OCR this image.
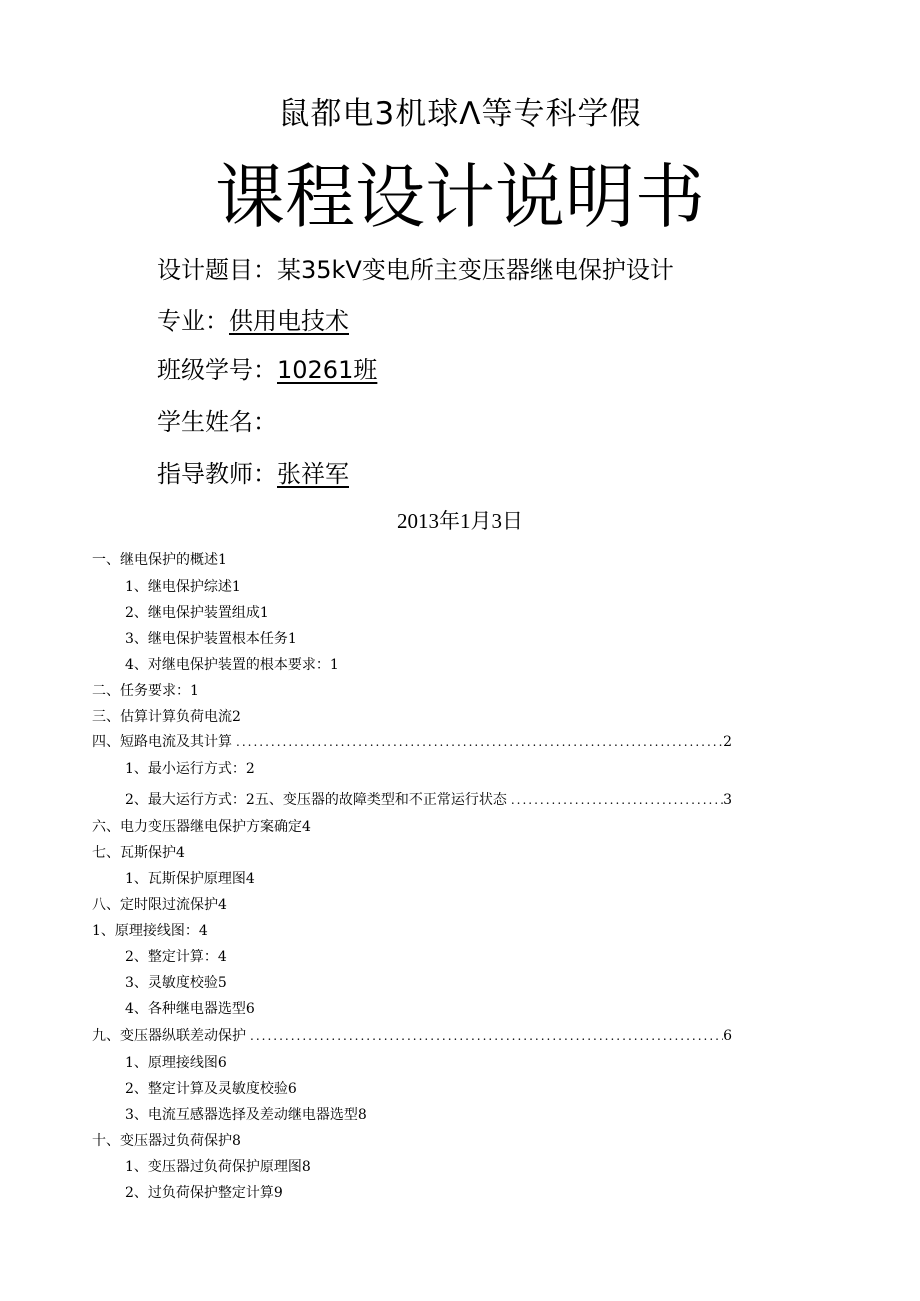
鼠都电3机球Λ等专科学假
课程设计说明书
设计题目：某35kV变电所主变压器继电保护设计
专业：供用电技术
班级学号：10261班
学生姓名：
指导教师：张祥军
2013年1月3日
一、继电保护的概述1
1、继电保护综述1
2、继电保护装置组成1
3、继电保护装置根本任务1
4、对继电保护装置的根本要求：1
二、任务要求：1
三、估算计算负荷电流2
四、短路电流及其计算 .....	2
1、最小运行方式：2
2、最大运行方式：2五、变压器的故障类型和不正常运行状态 .....	3
六、电力变压器继电保护方案确定4
七、瓦斯保护4
1、瓦斯保护原理图4
八、定时限过流保护4
1、原理接线图：4
2、整定计算：4
3、灵敏度校验5
4、各种继电器选型6
九、变压器纵联差动保护 .....	6
1、原理接线图6
2、整定计算及灵敏度校验6
3、电流互感器选择及差动继电器选型8
十、变压器过负荷保护8
1、变压器过负荷保护原理图8
2、过负荷保护整定计算9
